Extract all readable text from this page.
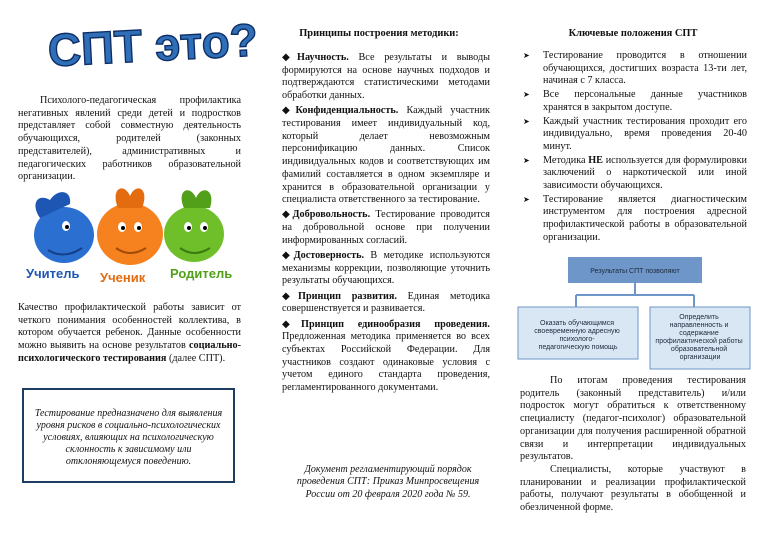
СПТ это?

Психолого-педагогическая профилактика негативных явлений среди детей и подростков представляет собой совместную деятельность обучающихся, родителей (законных представителей), административных и педагогических работников образовательной организации.

Учитель Ученик Родитель

Качество профилактической работы зависит от четкого понимания особенностей коллектива, в котором обучается ребенок. Данные особенности можно выявить на основе результатов социально-психологического тестирования (далее СПТ).

Тестирование предназначено для выявления уровня рисков в социально-психологических условиях, влияющих на психологическую склонность к зависимому или отклоняющемуся поведению.

Принципы построения методики:

◆Научность. Все результаты и выводы формируются на основе научных подходов и подтверждаются статистическими методами обработки данных.

◆Конфиденциальность. Каждый участник тестирования имеет индивидуальный код, который делает невозможным персонификацию данных. Список индивидуальных кодов и соответствующих им фамилий составляется в одном экземпляре и хранится в образовательной организации у специалиста ответственного за тестирование.

◆Добровольность. Тестирование проводится на добровольной основе при получении информированных согласий.

◆Достоверность. В методике используются механизмы коррекции, позволяющие уточнить результаты обучающихся.

◆Принцип развития. Единая методика совершенствуется и развивается.

◆Принцип единообразия проведения. Предложенная методика применяется во всех субъектах Российской Федерации. Для участников создают одинаковые условия с учетом единого стандарта проведения, регламентированного документами.

Документ регламентирующий порядок проведения СПТ: Приказ Минпросвещения России от 20 февраля 2020 года № 59.
Ключевые положения СПТ
➤ Тестирование проводится в отношении обучающихся, достигших возраста 13-ти лет, начиная с 7 класса.
➤ Все персональные данные участников хранятся в закрытом доступе.
➤ Каждый участник тестирования проходит его индивидуально, время проведения 20-40 минут.
➤ Методика НЕ используется для формулировки заключений о наркотической или иной зависимости обучающихся.
➤ Тестирование является диагностическим инструментом для построения адресной профилактической работы в образовательной организации.
Результаты СПТ позволяют
Оказать обучающимся своевременную адресную психолого- педагогическую помощь
Определить направленность и содержание профилактической работы образовательной организации

По итогам проведения тестирования родитель (законный представитель) и/или подросток могут обратиться к ответственному специалисту (педагог-психолог) образовательной организации для получения расширенной обратной связи и интерпретации индивидуальных результатов.

Специалисты, которые участвуют в планировании и реализации профилактической работы, получают результаты в обобщенной и обезличенной форме.
